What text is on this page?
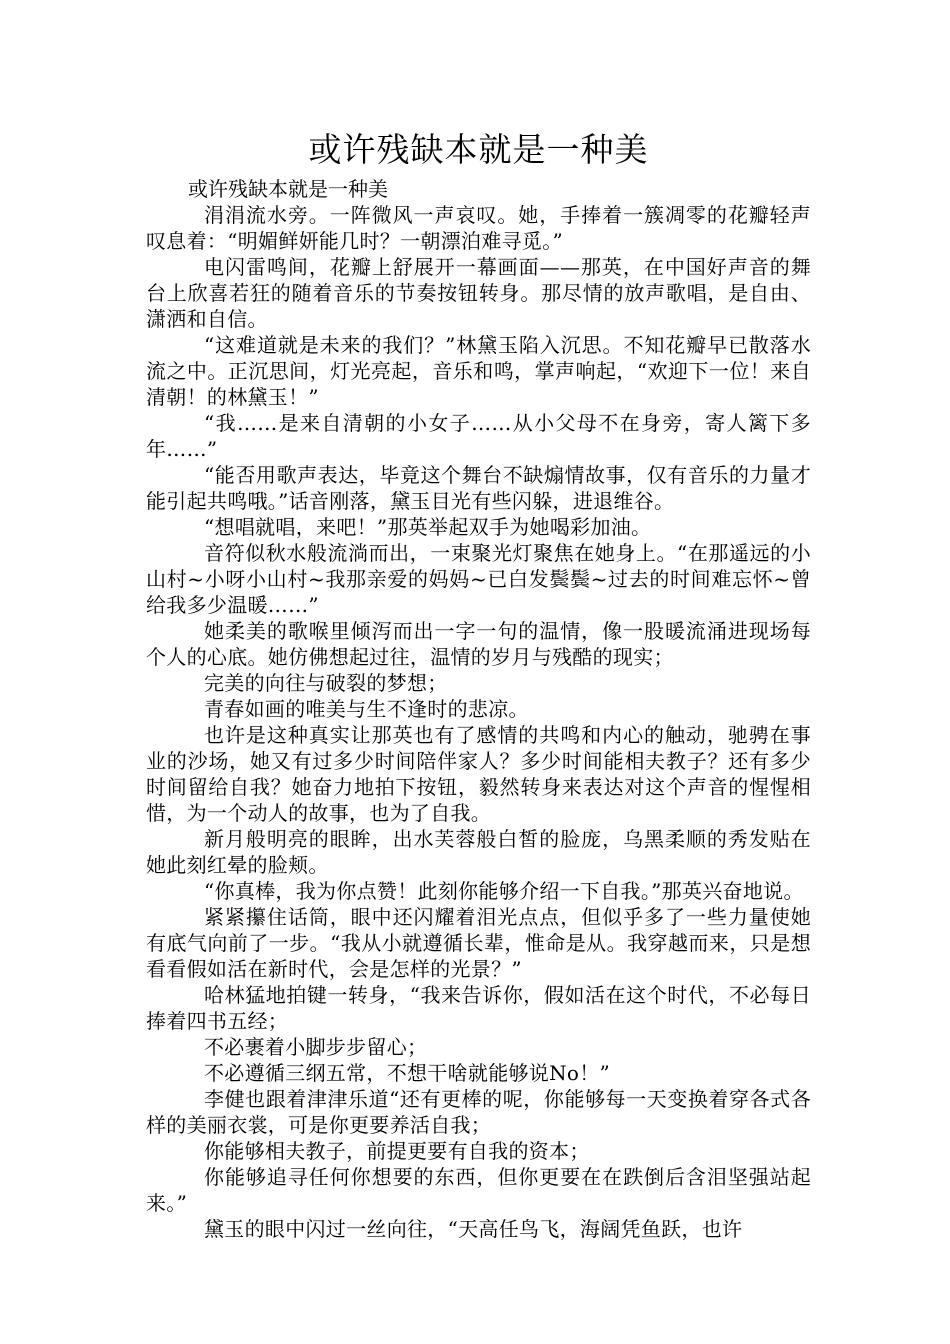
或许残缺本就是一种美
或许残缺本就是一种美

涓涓流水旁。一阵微风一声哀叹。她，手捧着一簇凋零的花瓣轻声叹息着：“明媚鲜妍能几时？一朝漂泊难寻觅。”

电闪雷鸣间，花瓣上舒展开一幕画面——那英，在中国好声音的舞台上欣喜若狂的随着音乐的节奏按钮转身。那尽情的放声歌唱，是自由、潇洒和自信。

“这难道就是未来的我们？”林黛玉陷入沉思。不知花瓣早已散落水流之中。正沉思间，灯光亮起，音乐和鸣，掌声响起，“欢迎下一位！来自清朝！的林黛玉！”

“我……是来自清朝的小女子……从小父母不在身旁，寄人篱下多年……”

“能否用歌声表达，毕竟这个舞台不缺煽情故事，仅有音乐的力量才能引起共鸣哦。”话音刚落，黛玉目光有些闪躲，进退维谷。

“想唱就唱，来吧！”那英举起双手为她喝彩加油。

音符似秋水般流淌而出，一束聚光灯聚焦在她身上。“在那遥远的小山村~小呀小山村~我那亲爱的妈妈~已白发鬓鬓~过去的时间难忘怀~曾给我多少温暖……”

她柔美的歌喉里倾泻而出一字一句的温情，像一股暖流涌进现场每个人的心底。她仿佛想起过往，温情的岁月与残酷的现实；

完美的向往与破裂的梦想；

青春如画的唯美与生不逢时的悲凉。

也许是这种真实让那英也有了感情的共鸣和内心的触动，驰骋在事业的沙场，她又有过多少时间陪伴家人？多少时间能相夫教子？还有多少时间留给自我？她奋力地拍下按钮，毅然转身来表达对这个声音的惺惺相惜，为一个动人的故事，也为了自我。

新月般明亮的眼眸，出水芙蓉般白皙的脸庞，乌黑柔顺的秀发贴在她此刻红晕的脸颊。

“你真棒，我为你点赞！此刻你能够介绍一下自我。”那英兴奋地说。

紧紧攥住话筒，眼中还闪耀着泪光点点，但似乎多了一些力量使她有底气向前了一步。“我从小就遵循长辈，惟命是从。我穿越而来，只是想看看假如活在新时代，会是怎样的光景？”

哈林猛地拍键一转身，“我来告诉你，假如活在这个时代，不必每日捧着四书五经；

不必裹着小脚步步留心；

不必遵循三纲五常，不想干啥就能够说No！”

李健也跟着津津乐道“还有更棒的呢，你能够每一天变换着穿各式各样的美丽衣裳，可是你更要养活自我；

你能够相夫教子，前提更要有自我的资本；

你能够追寻任何你想要的东西，但你更要在在跌倒后含泪坚强站起来。”

黛玉的眼中闪过一丝向往，“天高任鸟飞，海阔凭鱼跃，也许
